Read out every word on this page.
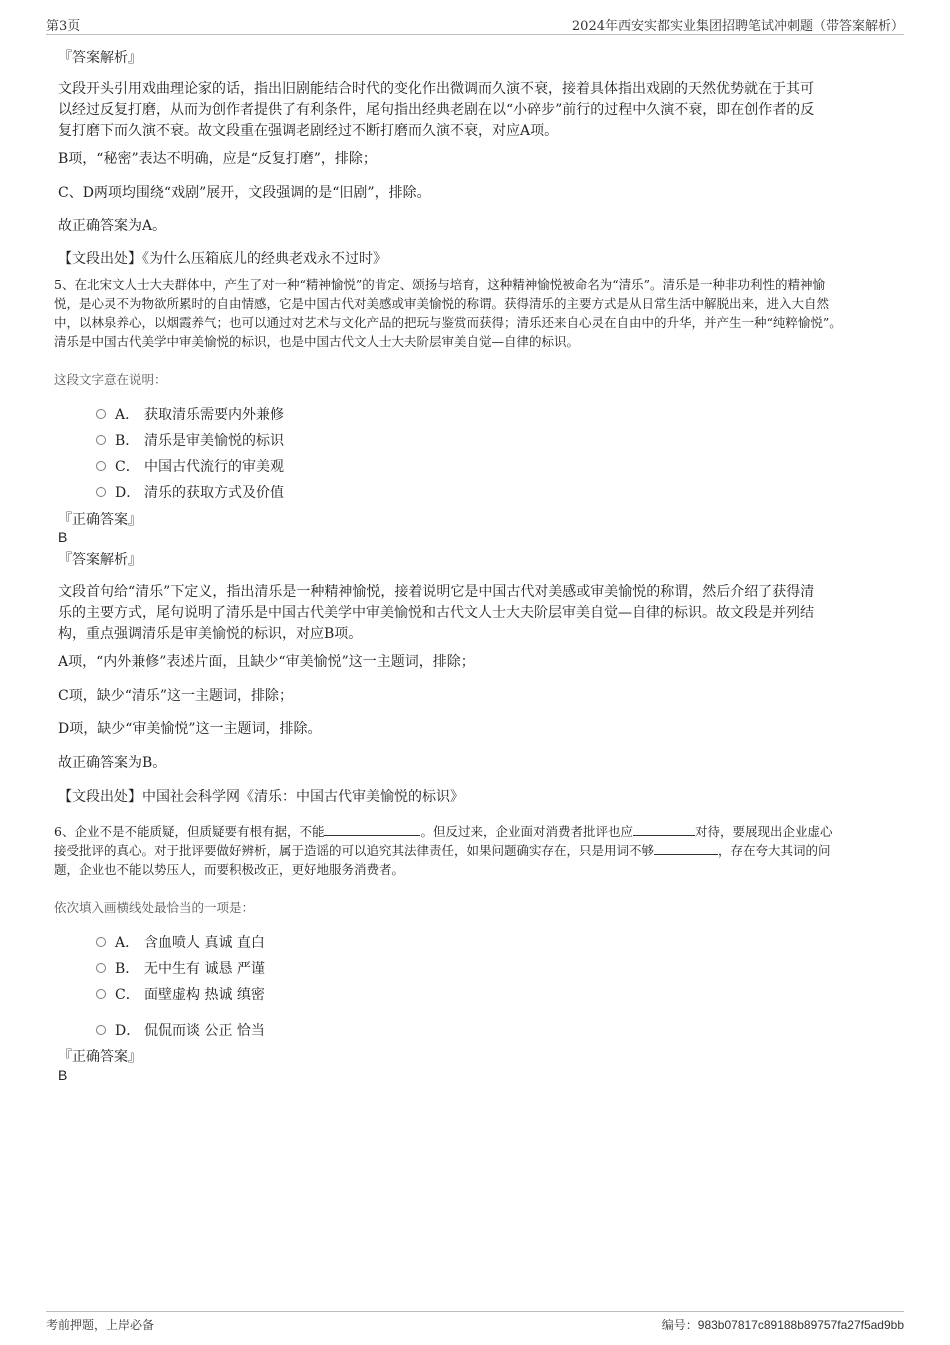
第3页	2024年西安实都实业集团招聘笔试冲刺题（带答案解析）
『答案解析』
文段开头引用戏曲理论家的话，指出旧剧能结合时代的变化作出微调而久演不衰，接着具体指出戏剧的天然优势就在于其可
以经过反复打磨，从而为创作者提供了有利条件，尾句指出经典老剧在以“小碎步”前行的过程中久演不衰，即在创作者的反
复打磨下而久演不衰。故文段重在强调老剧经过不断打磨而久演不衰，对应A项。
B项，“秘密”表达不明确，应是“反复打磨”，排除；
C、D两项均围绕“戏剧”展开，文段强调的是“旧剧”，排除。
故正确答案为A。
【文段出处】《为什么压箱底儿的经典老戏永不过时》
5、在北宋文人士大夫群体中，产生了对一种“精神愉悦”的肯定、颂扬与培育，这种精神愉悦被命名为“清乐”。清乐是一种非功利性的精神愉
悦，是心灵不为物欲所累时的自由情感，它是中国古代对美感或审美愉悦的称谓。获得清乐的主要方式是从日常生活中解脱出来，进入大自然
中，以林泉养心，以烟霞养气；也可以通过对艺术与文化产品的把玩与鉴赏而获得；清乐还来自心灵在自由中的升华，并产生一种“纯粹愉悦”。
清乐是中国古代美学中审美愉悦的标识，也是中国古代文人士大夫阶层审美自觉—自律的标识。
这段文字意在说明：
A． 获取清乐需要内外兼修
B． 清乐是审美愉悦的标识
C． 中国古代流行的审美观
D． 清乐的获取方式及价值
『正确答案』
B
『答案解析』
文段首句给“清乐”下定义，指出清乐是一种精神愉悦，接着说明它是中国古代对美感或审美愉悦的称谓，然后介绍了获得清
乐的主要方式，尾句说明了清乐是中国古代美学中审美愉悦和古代文人士大夫阶层审美自觉—自律的标识。故文段是并列结
构，重点强调清乐是审美愉悦的标识，对应B项。
A项，“内外兼修”表述片面，且缺少“审美愉悦”这一主题词，排除；
C项，缺少“清乐”这一主题词，排除；
D项，缺少“审美愉悦”这一主题词，排除。
故正确答案为B。
【文段出处】中国社会科学网《清乐：中国古代审美愉悦的标识》
6、企业不是不能质疑，但质疑要有根有据，不能	。但反过来，企业面对消费者批评也应	对待，要展现出企业虚心
接受批评的真心。对于批评要做好辨析，属于造谣的可以追究其法律责任，如果问题确实存在，只是用词不够	，存在夸大其词的问
题，企业也不能以势压人，而要积极改正，更好地服务消费者。
依次填入画横线处最恰当的一项是：
A． 含血喷人 真诚 直白
B． 无中生有 诚恳 严谨
C． 面壁虚构 热诚 缜密
D． 侃侃而谈 公正 恰当
『正确答案』
B
考前押题，上岸必备	编号：983b07817c89188b89757fa27f5ad9bb
